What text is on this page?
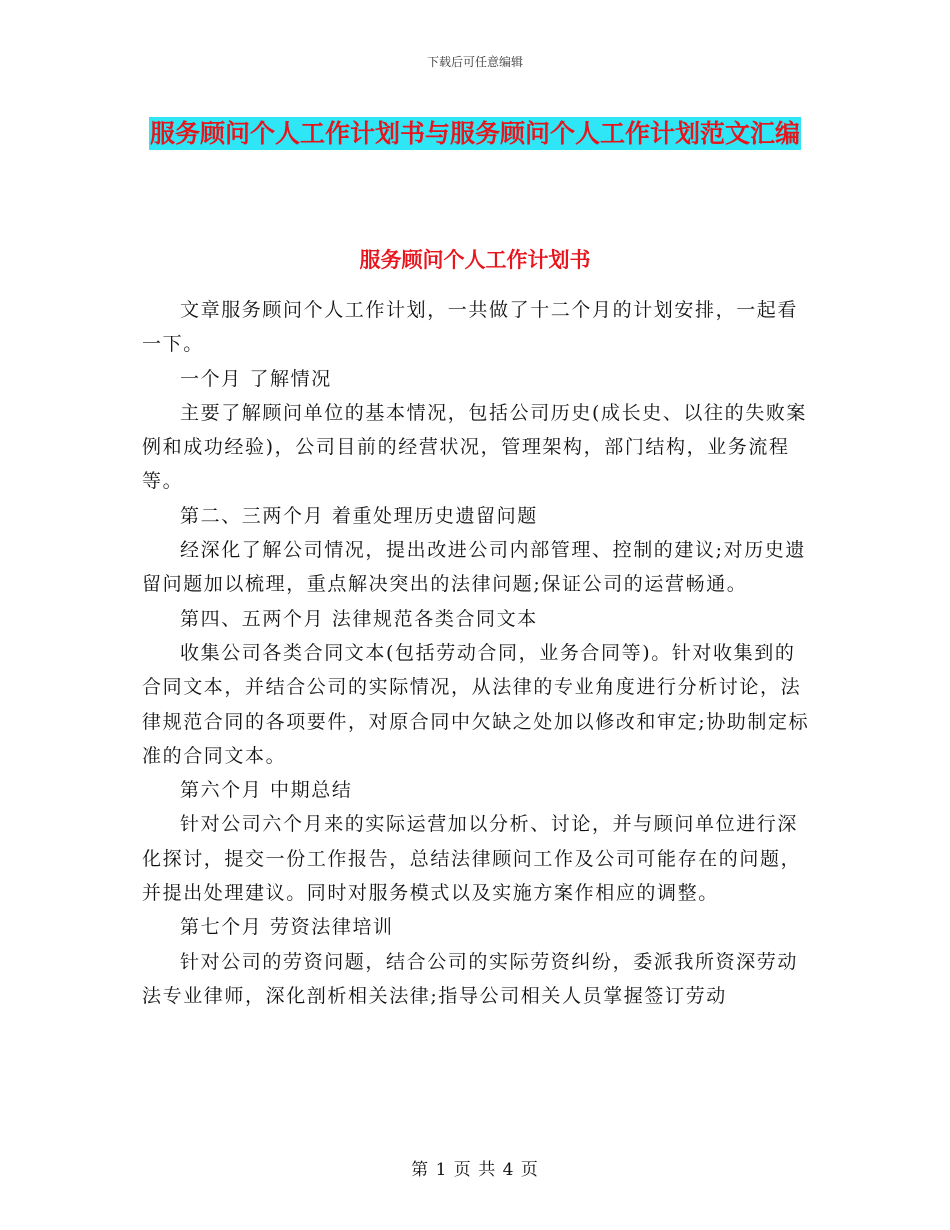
下载后可任意编辑
服务顾问个人工作计划书与服务顾问个人工作计划范文汇编
服务顾问个人工作计划书

文章服务顾问个人工作计划，一共做了十二个月的计划安排，一起看一下。

一个月 了解情况

主要了解顾问单位的基本情况，包括公司历史(成长史、以往的失败案例和成功经验)，公司目前的经营状况，管理架构，部门结构，业务流程等。

第二、三两个月 着重处理历史遗留问题

经深化了解公司情况，提出改进公司内部管理、控制的建议;对历史遗留问题加以梳理，重点解决突出的法律问题;保证公司的运营畅通。

第四、五两个月 法律规范各类合同文本

收集公司各类合同文本(包括劳动合同，业务合同等)。针对收集到的合同文本，并结合公司的实际情况，从法律的专业角度进行分析讨论，法律规范合同的各项要件，对原合同中欠缺之处加以修改和审定;协助制定标准的合同文本。

第六个月 中期总结

针对公司六个月来的实际运营加以分析、讨论，并与顾问单位进行深化探讨，提交一份工作报告，总结法律顾问工作及公司可能存在的问题，并提出处理建议。同时对服务模式以及实施方案作相应的调整。

第七个月 劳资法律培训

针对公司的劳资问题，结合公司的实际劳资纠纷，委派我所资深劳动法专业律师，深化剖析相关法律;指导公司相关人员掌握签订劳动

第 1 页 共 4 页
